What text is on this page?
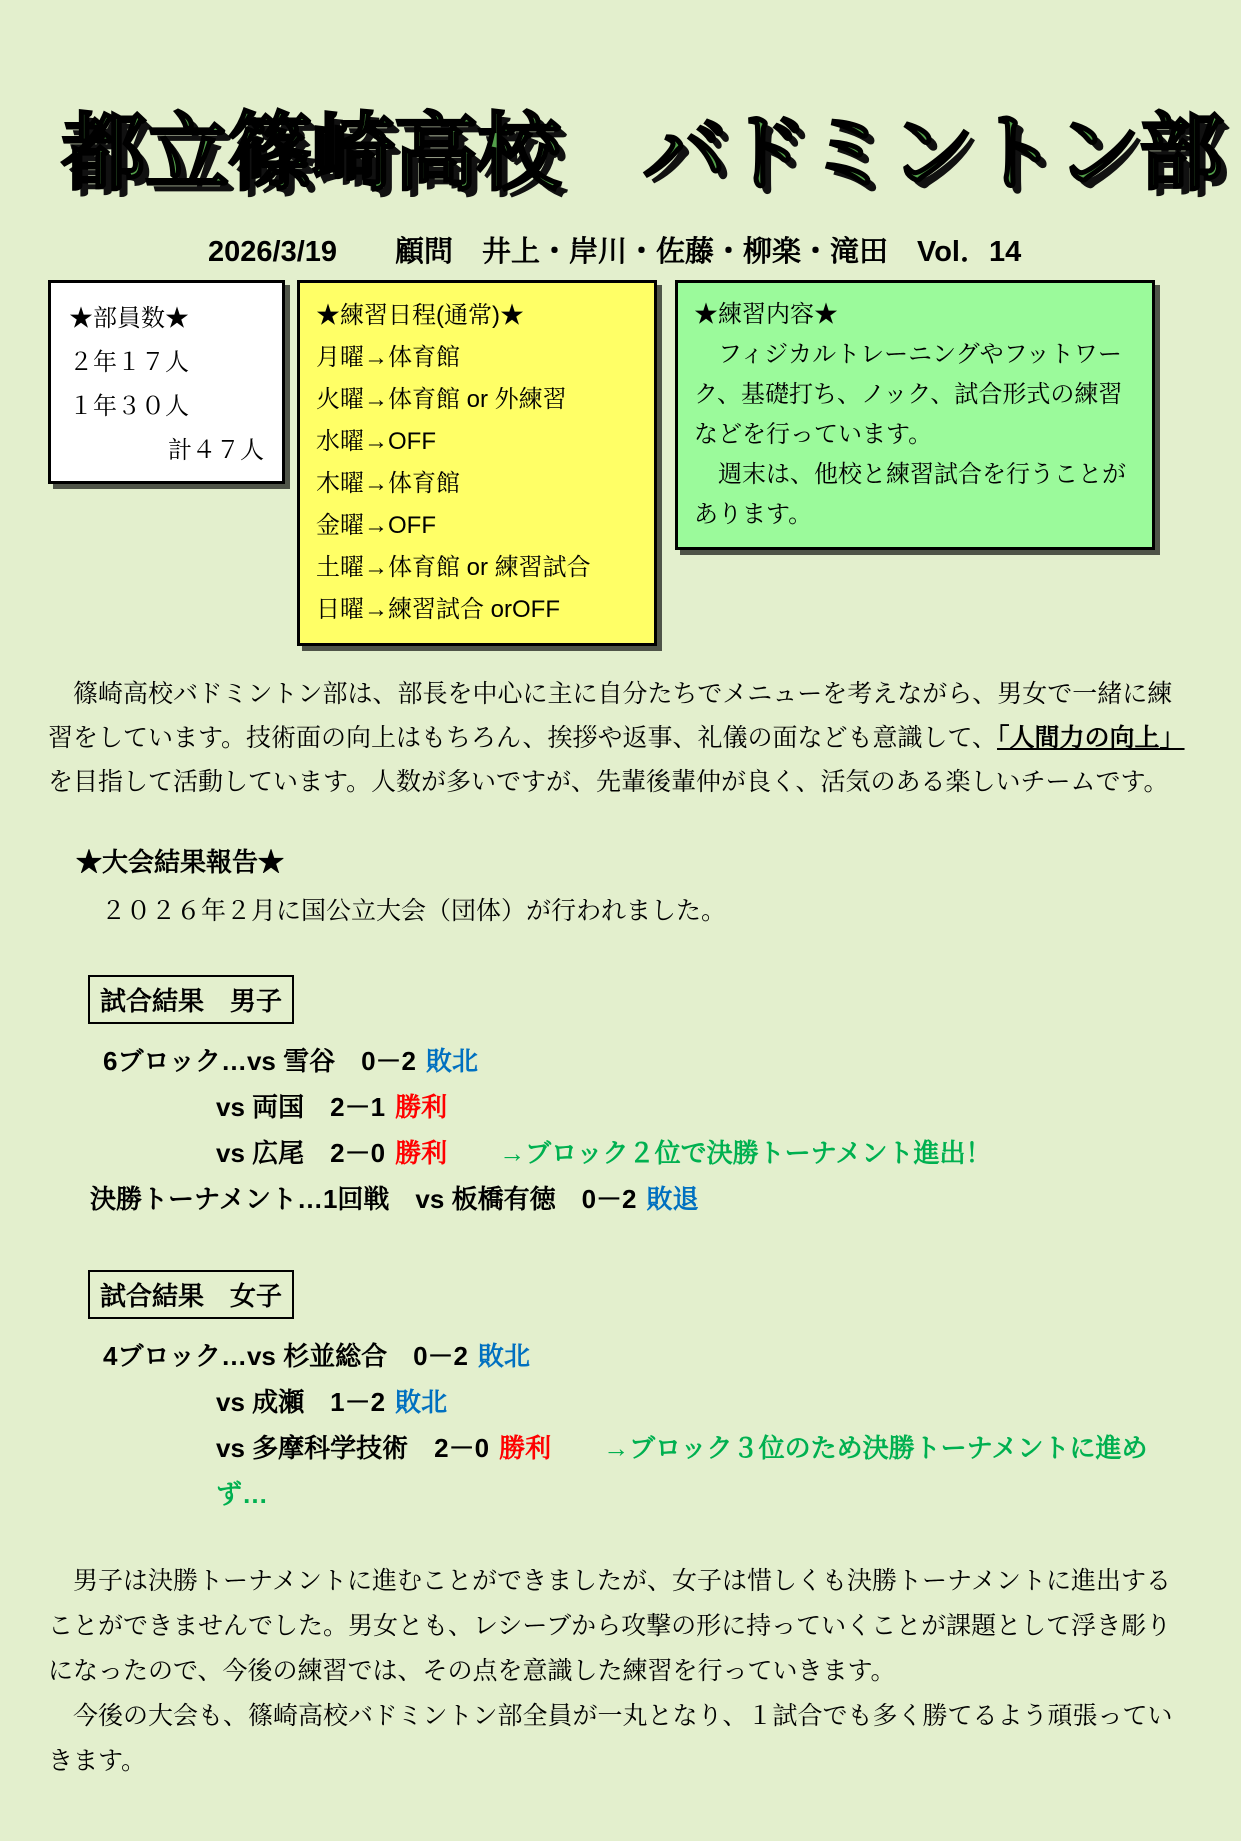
都立篠崎高校　バドミントン部
2026/3/19　　顧問　井上・岸川・佐藤・柳楽・滝田　Vol．14
★部員数★
２年１７人
１年３０人
計４７人
★練習日程(通常)★
月曜→体育館
火曜→体育館 or 外練習
水曜→OFF
木曜→体育館
金曜→OFF
土曜→体育館 or 練習試合
日曜→練習試合 orOFF
★練習内容★
　フィジカルトレーニングやフットワーク、基礎打ち、ノック、試合形式の練習などを行っています。
　週末は、他校と練習試合を行うことがあります。

　篠崎高校バドミントン部は、部長を中心に主に自分たちでメニューを考えながら、男女で一緒に練習をしています。技術面の向上はもちろん、挨拶や返事、礼儀の面なども意識して、「人間力の向上」を目指して活動しています。人数が多いですが、先輩後輩仲が良く、活気のある楽しいチームです。

★大会結果報告★
　２０２６年２月に国公立大会（団体）が行われました。
試合結果　男子
6ブロック…vs 雪谷　0－2 敗北
vs 両国　2－1 勝利
vs 広尾　2－0 勝利 →ブロック２位で決勝トーナメント進出！
決勝トーナメント…1回戦　vs 板橋有徳　0－2 敗退
試合結果　女子
4ブロック…vs 杉並総合　0－2 敗北
vs 成瀬　1－2 敗北
vs 多摩科学技術　2－0 勝利 →ブロック３位のため決勝トーナメントに進めず…

　男子は決勝トーナメントに進むことができましたが、女子は惜しくも決勝トーナメントに進出することができませんでした。男女とも、レシーブから攻撃の形に持っていくことが課題として浮き彫りになったので、今後の練習では、その点を意識した練習を行っていきます。

　今後の大会も、篠崎高校バドミントン部全員が一丸となり、１試合でも多く勝てるよう頑張っていきます。
